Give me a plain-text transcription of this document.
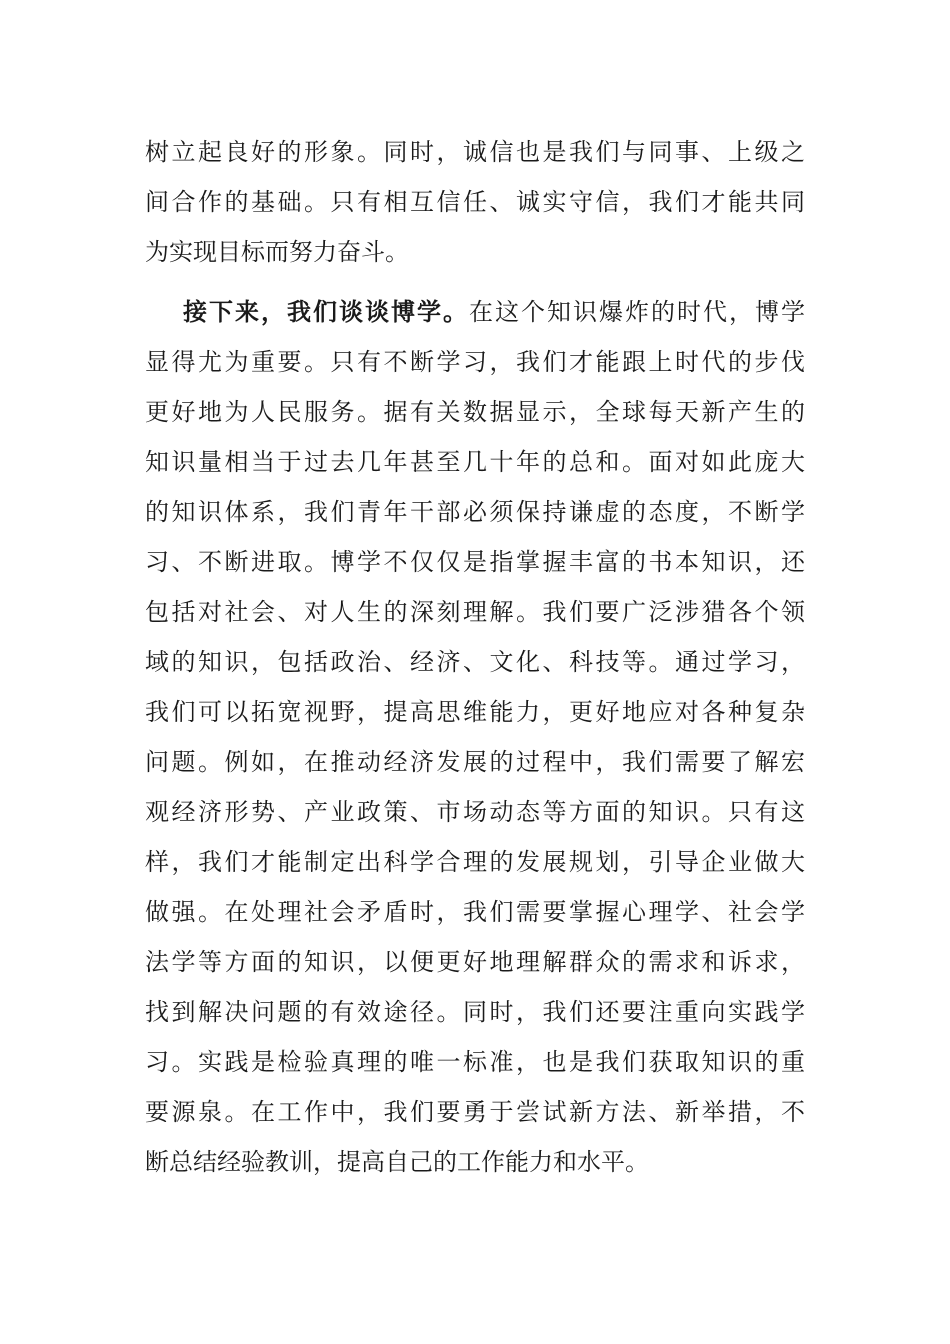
树立起良好的形象。同时，诚信也是我们与同事、上级之
间合作的基础。只有相互信任、诚实守信，我们才能共同
为实现目标而努力奋斗。
接下来，我们谈谈博学。在这个知识爆炸的时代，博学
显得尤为重要。只有不断学习，我们才能跟上时代的步伐
更好地为人民服务。据有关数据显示，全球每天新产生的
知识量相当于过去几年甚至几十年的总和。面对如此庞大
的知识体系，我们青年干部必须保持谦虚的态度，不断学
习、不断进取。博学不仅仅是指掌握丰富的书本知识，还
包括对社会、对人生的深刻理解。我们要广泛涉猎各个领
域的知识，包括政治、经济、文化、科技等。通过学习，
我们可以拓宽视野，提高思维能力，更好地应对各种复杂
问题。例如，在推动经济发展的过程中，我们需要了解宏
观经济形势、产业政策、市场动态等方面的知识。只有这
样，我们才能制定出科学合理的发展规划，引导企业做大
做强。在处理社会矛盾时，我们需要掌握心理学、社会学
法学等方面的知识，以便更好地理解群众的需求和诉求，
找到解决问题的有效途径。同时，我们还要注重向实践学
习。实践是检验真理的唯一标准，也是我们获取知识的重
要源泉。在工作中，我们要勇于尝试新方法、新举措，不
断总结经验教训，提高自己的工作能力和水平。
